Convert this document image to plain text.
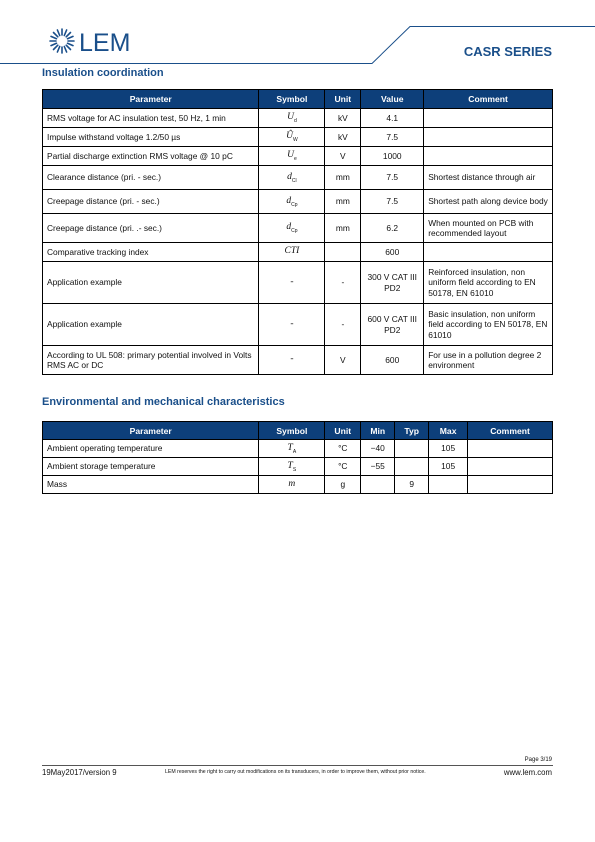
LEM	CASR SERIES
Insulation coordination
Parameter	Symbol	Unit	Value	Comment
RMS voltage for AC insulation test, 50 Hz, 1 min	$U_d$	kV	4.1	
Impulse withstand voltage 1.2/50 µs	$Û_W$	kV	7.5	
Partial discharge extinction RMS voltage @ 10 pC	$U_e$	V	1000	
Clearance distance (pri. - sec.)	$d_{Cl}$	mm	7.5	Shortest distance through air
Creepage distance (pri. - sec.)	$d_{Cp}$	mm	7.5	Shortest path along device body
Creepage distance (pri. .- sec.)	$d_{Cp}$	mm	6.2	When mounted on PCB with recommended layout
Comparative tracking index	CTI		600	
Application example	-	-	300 V CAT III PD2	Reinforced insulation, non uniform field according to EN 50178, EN 61010
Application example	-	-	600 V CAT III PD2	Basic insulation, non uniform field according to EN 50178, EN 61010
According to UL 508: primary potential involved in Volts RMS AC or DC	-	V	600	For use in a pollution degree 2 environment
Environmental and mechanical characteristics
Parameter	Symbol	Unit	Min	Typ	Max	Comment
Ambient operating temperature	$T_A$	°C	−40		105	
Ambient storage temperature	$T_S$	°C	−55		105	
Mass	m	g		9		
Page 3/19
19May2017/version 9	LEM reserves the right to carry out modifications on its transducers, in order to improve them, without prior notice.	www.lem.com
